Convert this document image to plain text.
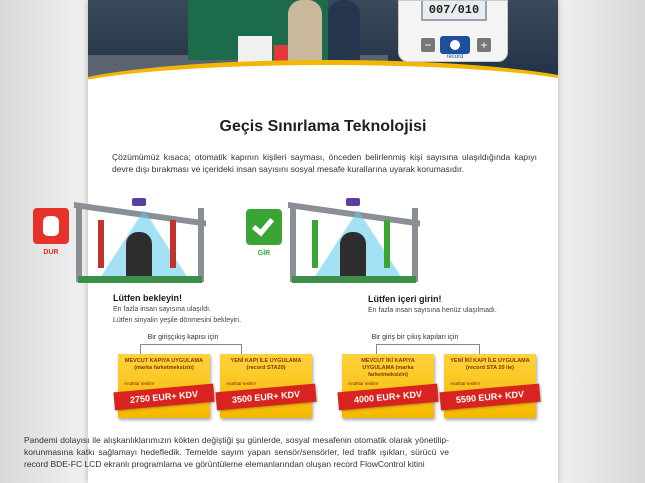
007/010
−	+
record
Geçis Sınırlama Teknolojisi
Çözümümüz kısaca; otomatik kapının kişileri sayması, önceden belirlenmiş kişi sayısına ulaşıldığında kapıyı devre dışı bırakması ve içerideki insan sayısını sosyal mesafe kurallarına uyarak korumasıdır.
DUR	GİR
Lütfen bekleyin!
En fazla insan sayısına ulaşıldı.
Lütfen sinyalin yeşile dönmesini bekleyin.
Lütfen içeri girin!
En fazla insan sayısına henüz ulaşılmadı.
Bir girişçıkış kapısı için	Bir giriş bir çıkış kapıları için
MEVCUT KAPIYA UYGULAMA (marka farketmeksizin)
Anahtar teslim!
2750 EUR+ KDV
YENİ KAPI İLE UYGULAMA (record STA20)
Anahtar teslim!
3500 EUR+ KDV
MEVCUT İKİ KAPIYA UYGULAMA (marka farketmeksizin)
Anahtar teslim!
4000 EUR+ KDV
YENİ İKİ KAPI İLE UYGULAMA (record STA 20 ile)
Anahtar teslim!
5590 EUR+ KDV
Pandemi dolayısı ile alışkanlıklarımızın kökten değiştiği şu günlerde, sosyal mesafenin otomatik olarak yönetilip-korunmasına katkı sağlamayı hedefledik. Temelde sayım yapan sensör/sensörler, led trafik ışıkları, sürücü ve record BDE-FC LCD ekranlı programlama ve görüntüleme elemanlarından oluşan record FlowControl kitini
